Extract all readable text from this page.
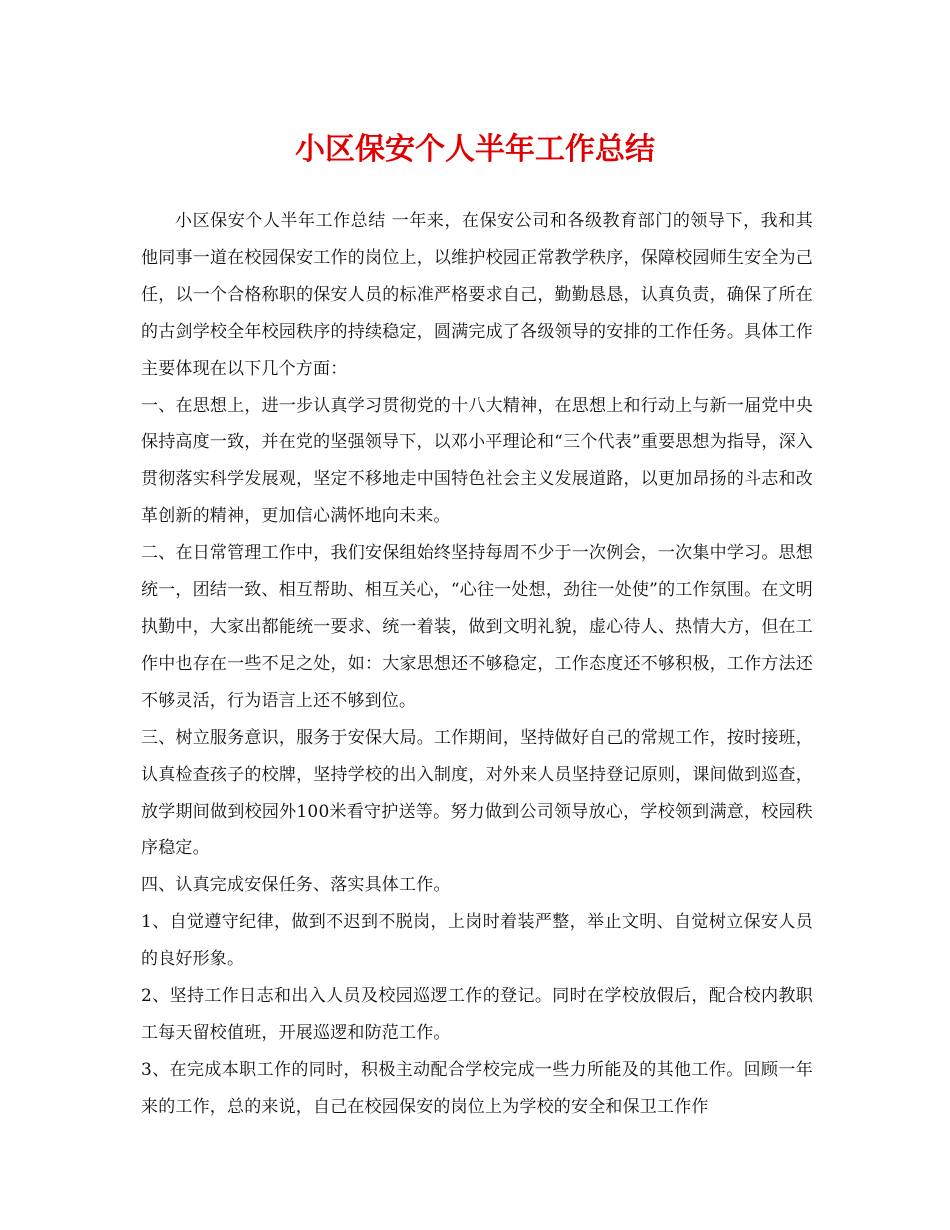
小区保安个人半年工作总结

小区保安个人半年工作总结 一年来，在保安公司和各级教育部门的领导下，我和其他同事一道在校园保安工作的岗位上，以维护校园正常教学秩序，保障校园师生安全为己任，以一个合格称职的保安人员的标准严格要求自己，勤勤恳恳，认真负责，确保了所在的古剑学校全年校园秩序的持续稳定，圆满完成了各级领导的安排的工作任务。具体工作主要体现在以下几个方面：

一、在思想上，进一步认真学习贯彻党的十八大精神，在思想上和行动上与新一届党中央保持高度一致，并在党的坚强领导下，以邓小平理论和“三个代表”重要思想为指导，深入贯彻落实科学发展观，坚定不移地走中国特色社会主义发展道路，以更加昂扬的斗志和改革创新的精神，更加信心满怀地向未来。

二、在日常管理工作中，我们安保组始终坚持每周不少于一次例会，一次集中学习。思想统一，团结一致、相互帮助、相互关心，“心往一处想，劲往一处使”的工作氛围。在文明执勤中，大家出都能统一要求、统一着装，做到文明礼貌，虚心待人、热情大方，但在工作中也存在一些不足之处，如：大家思想还不够稳定，工作态度还不够积极，工作方法还不够灵活，行为语言上还不够到位。

三、树立服务意识，服务于安保大局。工作期间，坚持做好自己的常规工作，按时接班，认真检查孩子的校牌，坚持学校的出入制度，对外来人员坚持登记原则，课间做到巡查，放学期间做到校园外100米看守护送等。努力做到公司领导放心，学校领到满意，校园秩序稳定。

四、认真完成安保任务、落实具体工作。

1、自觉遵守纪律，做到不迟到不脱岗，上岗时着装严整，举止文明、自觉树立保安人员的良好形象。

2、坚持工作日志和出入人员及校园巡逻工作的登记。同时在学校放假后，配合校内教职工每天留校值班，开展巡逻和防范工作。

3、在完成本职工作的同时，积极主动配合学校完成一些力所能及的其他工作。回顾一年来的工作，总的来说，自己在校园保安的岗位上为学校的安全和保卫工作作
